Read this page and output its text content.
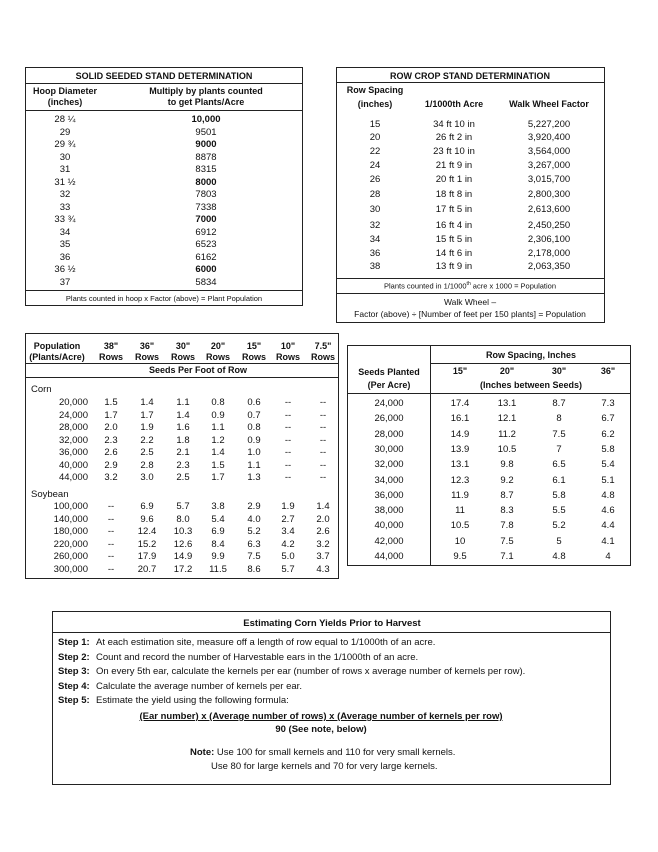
SOLID SEEDED STAND DETERMINATION
Hoop Diameter
(inches)
Multiply by plants counted
to get Plants/Acre
28 ¼	10,000
29	9501
29 ¾	9000
30	8878
31	8315
31 ½	8000
32	7803
33	7338
33 ¾	7000
34	6912
35	6523
36	6162
36 ½	6000
37	5834
Plants counted in hoop x Factor (above) = Plant Population
ROW CROP STAND DETERMINATION
Row Spacing
(inches)	1/1000th Acre	Walk Wheel Factor
15	34 ft 10 in	5,227,200
20	26 ft 2 in	3,920,400
22	23 ft 10 in	3,564,000
24	21 ft 9 in	3,267,000
26	20 ft 1 in	3,015,700
28	18 ft 8 in	2,800,300
30	17 ft 5 in	2,613,600
32	16 ft 4 in	2,450,250
34	15 ft 5 in	2,306,100
36	14 ft 6 in	2,178,000
38	13 ft 9 in	2,063,350
Plants counted in 1/1000th acre x 1000 = Population
Walk Wheel –
Factor (above) ÷ [Number of feet per 150 plants] = Population
Population
(Plants/Acre)
38"
Rows
36"
Rows
30"
Rows
20"
Rows
15"
Rows
10"
Rows
7.5"
Rows
Seeds Per Foot of Row
Corn
20,000 1.5 1.4 1.1 0.8 0.6	--	--
24,000 1.7 1.7 1.4 0.9 0.7	--	--
28,000 2.0 1.9 1.6 1.1 0.8	--	--
32,000 2.3 2.2 1.8 1.2 0.9	--	--
36,000 2.6 2.5 2.1 1.4 1.0	--	--
40,000 2.9 2.8 2.3 1.5 1.1	--	--
44,000 3.2 3.0 2.5 1.7 1.3	--	--
Soybean
100,000 --	6.9 5.7 3.8 2.9 1.9 1.4
140,000 --	9.6 8.0 5.4 4.0 2.7 2.0
180,000 -- 12.4 10.3 6.9 5.2 3.4 2.6
220,000 -- 15.2 12.6 8.4 6.3 4.2 3.2
260,000 -- 17.9 14.9 9.9 7.5 5.0 3.7
300,000 -- 20.7 17.2 11.5 8.6 5.7 4.3
Seeds Planted
(Per Acre)
Row Spacing, Inches
15"	20"	30"	36"
(Inches between Seeds)
24,000	17.4	13.1	8.7	7.3
26,000	16.1	12.1	8	6.7
28,000	14.9	11.2	7.5	6.2
30,000	13.9	10.5	7	5.8
32,000	13.1	9.8	6.5	5.4
34,000	12.3	9.2	6.1	5.1
36,000	11.9	8.7	5.8	4.8
38,000	11	8.3	5.5	4.6
40,000	10.5	7.8	5.2	4.4
42,000	10	7.5	5	4.1
44,000	9.5	7.1	4.8	4
Estimating Corn Yields Prior to Harvest
Step 1: At each estimation site, measure off a length of row equal to 1/1000th of an acre.
Step 2: Count and record the number of Harvestable ears in the 1/1000th of an acre.
Step 3: On every 5th ear, calculate the kernels per ear (number of rows x average number of kernels per row).
Step 4: Calculate the average number of kernels per ear.
Step 5: Estimate the yield using the following formula:
(Ear number) x (Average number of rows) x (Average number of kernels per row)
90 (See note, below)
Note: Use 100 for small kernels and 110 for very small kernels.
Use 80 for large kernels and 70 for very large kernels.
